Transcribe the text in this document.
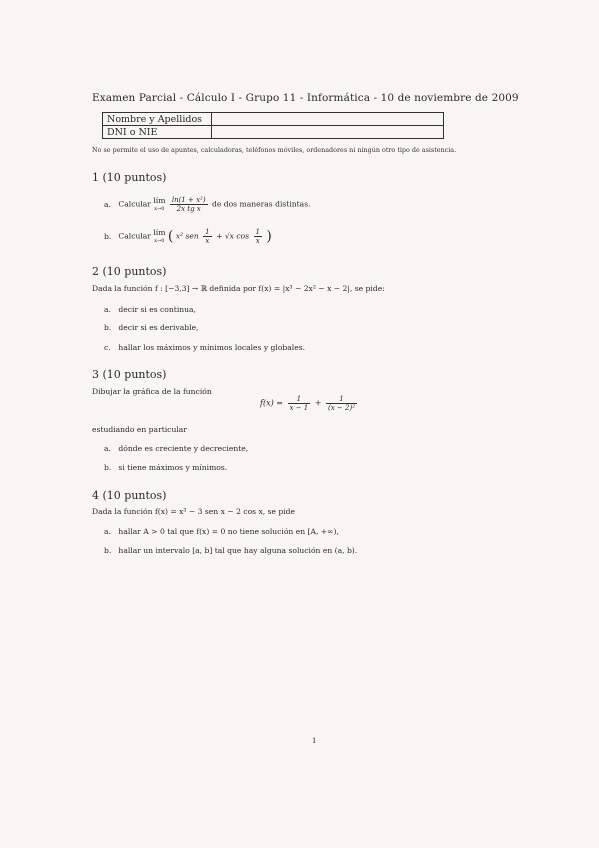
Examen Parcial - Cálculo I - Grupo 11 - Informática - 10 de noviembre de 2009
Nombre y Apellidos	
DNI o NIE	
No se permite el uso de apuntes, calculadoras, teléfonos móviles, ordenadores ni ningún otro tipo de asistencia.
1 (10 puntos)
a. Calcular lím
x→0
$\frac{\text{ln(1 + x²)}}{\text{2x tg x}}$ de dos maneras distintas.
b. Calcular lím
x→0 ( x² sen $\frac{1}{x} + √x$ $\cos \frac{1}{x}$ )
2 (10 puntos)
Dada la función f : [−3,3] → ℝ definida por f(x) = |x³ − 2x² − x − 2|, se pide:
a. decir si es continua,
b. decir si es derivable,
c. hallar los máximos y mínimos locales y globales.
3 (10 puntos)
Dibujar la gráfica de la función
$f(x) = \frac{1}{x - 1} + \frac{1}{\text{(x − 2)²}}$
estudiando en particular
a. dónde es creciente y decreciente,
b. si tiene máximos y mínimos.
4 (10 puntos)
Dada la función f(x) = x³ − 3 sen x − 2 cos x, se pide
a. hallar A > 0 tal que f(x) = 0 no tiene solución en [A, +∞),
b. hallar un intervalo [a, b] tal que hay alguna solución en (a, b).
1
